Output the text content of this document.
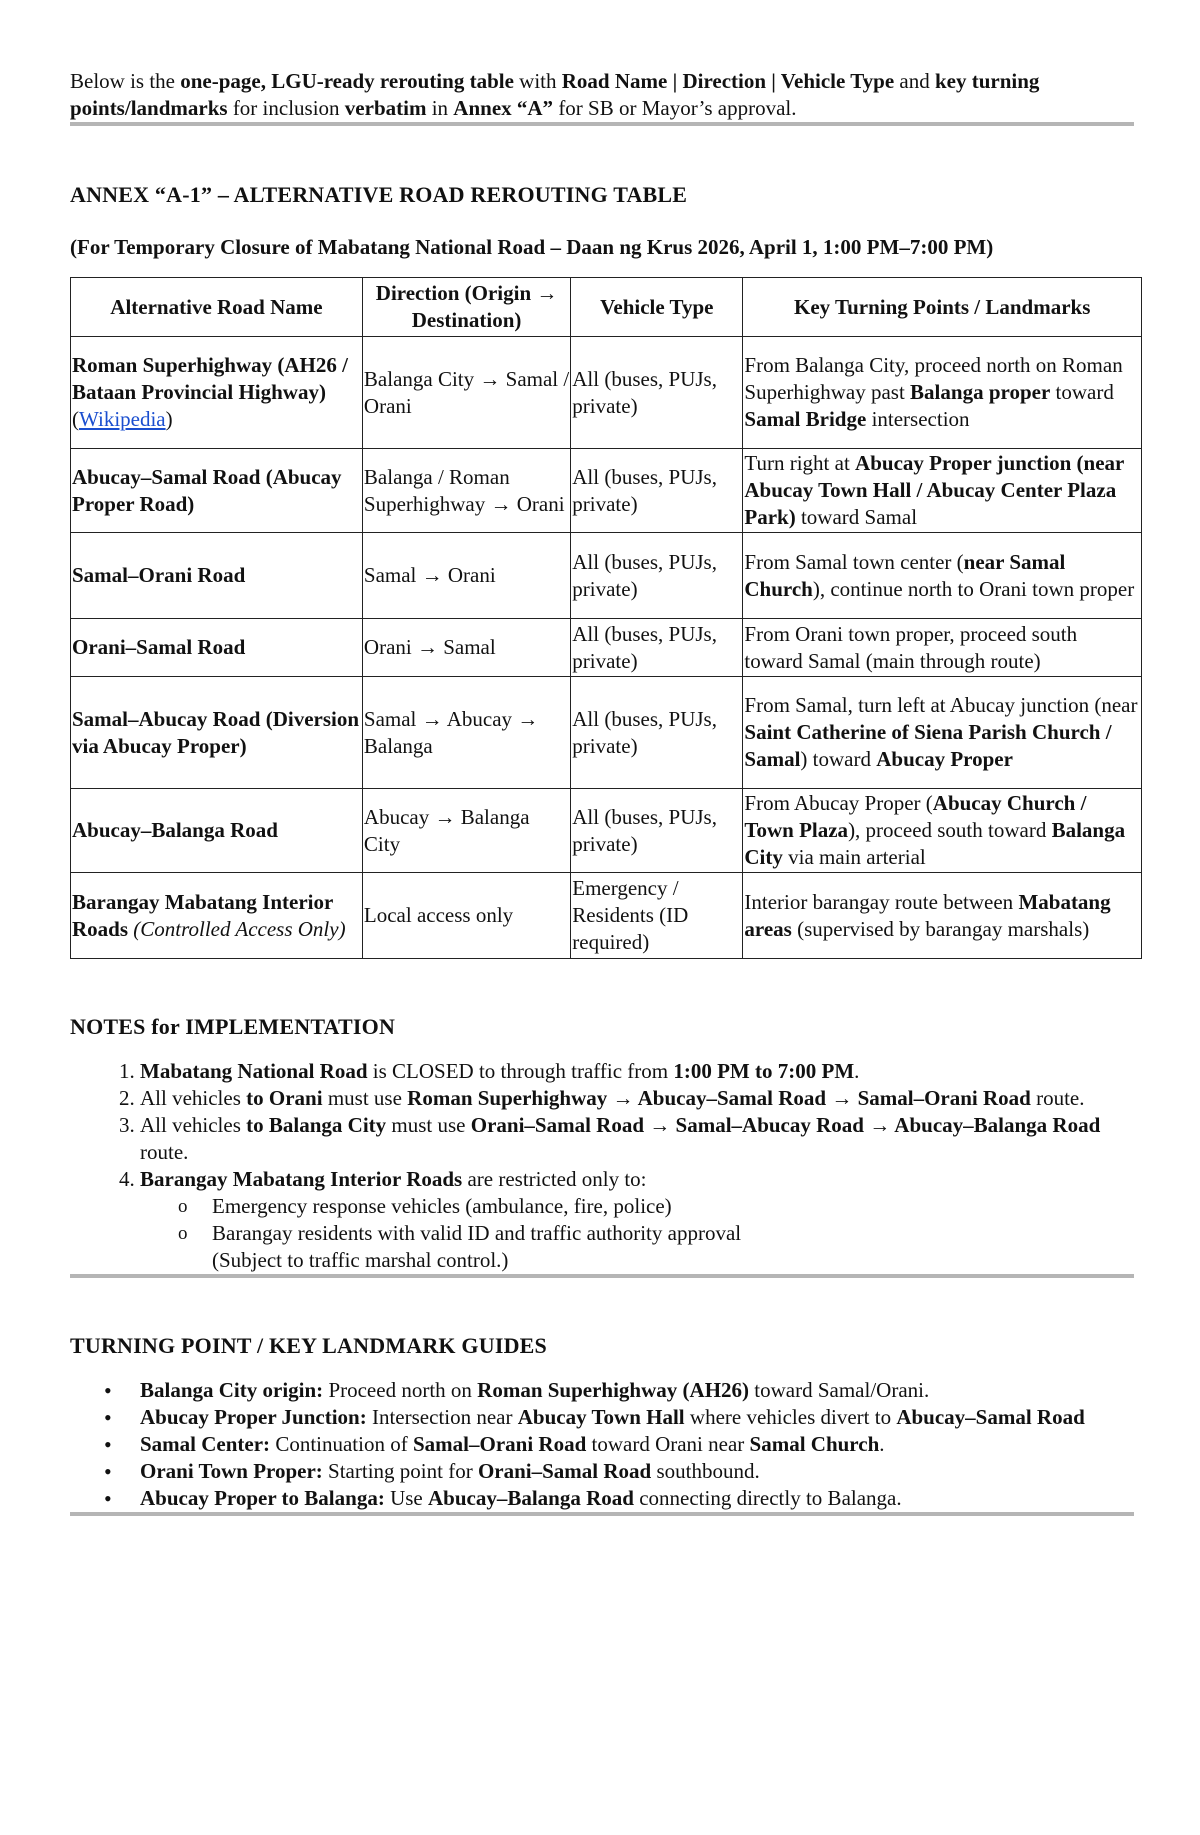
Below is the one-page, LGU-ready rerouting table with Road Name | Direction | Vehicle Type and key turning points/landmarks for inclusion verbatim in Annex “A” for SB or Mayor’s approval.

ANNEX “A-1” – ALTERNATIVE ROAD REROUTING TABLE

(For Temporary Closure of Mabatang National Road – Daan ng Krus 2026, April 1, 1:00 PM–7:00 PM)

Alternative Road Name	Direction (Origin → Destination)	Vehicle Type	Key Turning Points / Landmarks
Roman Superhighway (AH26 / Bataan Provincial Highway) (Wikipedia)	Balanga City → Samal / Orani	All (buses, PUJs, private)	From Balanga City, proceed north on Roman Superhighway past Balanga proper toward Samal Bridge intersection
Abucay–Samal Road (Abucay Proper Road)	Balanga / Roman Superhighway → Orani	All (buses, PUJs, private)	Turn right at Abucay Proper junction (near Abucay Town Hall / Abucay Center Plaza Park) toward Samal
Samal–Orani Road	Samal → Orani	All (buses, PUJs, private)	From Samal town center (near Samal Church), continue north to Orani town proper
Orani–Samal Road	Orani → Samal	All (buses, PUJs, private)	From Orani town proper, proceed south toward Samal (main through route)
Samal–Abucay Road (Diversion via Abucay Proper)	Samal → Abucay → Balanga	All (buses, PUJs, private)	From Samal, turn left at Abucay junction (near Saint Catherine of Siena Parish Church / Samal) toward Abucay Proper
Abucay–Balanga Road	Abucay → Balanga City	All (buses, PUJs, private)	From Abucay Proper (Abucay Church / Town Plaza), proceed south toward Balanga City via main arterial
Barangay Mabatang Interior Roads (Controlled Access Only)	Local access only	Emergency / Residents (ID required)	Interior barangay route between Mabatang areas (supervised by barangay marshals)
NOTES for IMPLEMENTATION
1. Mabatang National Road is CLOSED to through traffic from 1:00 PM to 7:00 PM.
2. All vehicles to Orani must use Roman Superhighway → Abucay–Samal Road → Samal–Orani Road route.
3. All vehicles to Balanga City must use Orani–Samal Road → Samal–Abucay Road → Abucay–Balanga Road route.
4. Barangay Mabatang Interior Roads are restricted only to:
o Emergency response vehicles (ambulance, fire, police)
o Barangay residents with valid ID and traffic authority approval

(Subject to traffic marshal control.)

TURNING POINT / KEY LANDMARK GUIDES
• Balanga City origin: Proceed north on Roman Superhighway (AH26) toward Samal/Orani.
• Abucay Proper Junction: Intersection near Abucay Town Hall where vehicles divert to Abucay–Samal Road
• Samal Center: Continuation of Samal–Orani Road toward Orani near Samal Church.
• Orani Town Proper: Starting point for Orani–Samal Road southbound.
• Abucay Proper to Balanga: Use Abucay–Balanga Road connecting directly to Balanga.
